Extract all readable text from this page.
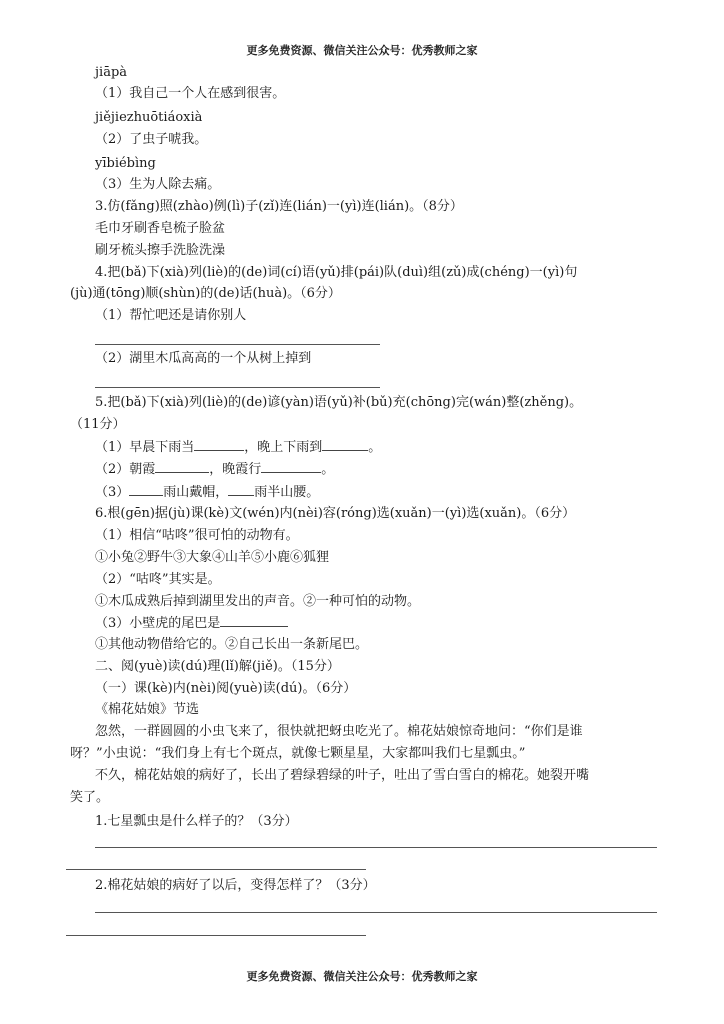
更多免费资源、微信关注公众号：优秀教师之家
jiāpà
（1）我自己一个人在感到很害。
jiějiezhuōtiáoxià
（2）了虫子唬我。
yībiébìng
（3）生为人除去痛。
3.仿(fǎng)照(zhào)例(lì)子(zǐ)连(lián)一(yì)连(lián)。（8分）
毛巾牙刷香皂梳子脸盆
刷牙梳头擦手洗脸洗澡
4.把(bǎ)下(xià)列(liè)的(de)词(cí)语(yǔ)排(pái)队(duì)组(zǔ)成(chéng)一(yì)句
(jù)通(tōng)顺(shùn)的(de)话(huà)。（6分）
（1）帮忙吧还是请你别人
（2）湖里木瓜高高的一个从树上掉到
5.把(bǎ)下(xià)列(liè)的(de)谚(yàn)语(yǔ)补(bǔ)充(chōng)完(wán)整(zhěng)。
（11分）
（1）早晨下雨当	，晚上下雨到	。
（2）朝霞	，晚霞行	。
（3）	雨山戴帽， 雨半山腰。
6.根(gēn)据(jù)课(kè)文(wén)内(nèi)容(róng)选(xuǎn)一(yì)选(xuǎn)。（6分）
（1）相信“咕咚”很可怕的动物有。
①小兔②野牛③大象④山羊⑤小鹿⑥狐狸
（2）“咕咚”其实是。
①木瓜成熟后掉到湖里发出的声音。②一种可怕的动物。
（3）小壁虎的尾巴是
①其他动物借给它的。②自己长出一条新尾巴。
二、阅(yuè)读(dú)理(lǐ)解(jiě)。（15分）
（一）课(kè)内(nèi)阅(yuè)读(dú)。（6分）
《棉花姑娘》节选
忽然，一群圆圆的小虫飞来了，很快就把蚜虫吃光了。棉花姑娘惊奇地问：“你们是谁
呀？”小虫说：“我们身上有七个斑点，就像七颗星星，大家都叫我们七星瓢虫。”
不久，棉花姑娘的病好了，长出了碧绿碧绿的叶子，吐出了雪白雪白的棉花。她裂开嘴
笑了。
1.七星瓢虫是什么样子的？（3分）
2.棉花姑娘的病好了以后，变得怎样了？（3分）
更多免费资源、微信关注公众号：优秀教师之家
